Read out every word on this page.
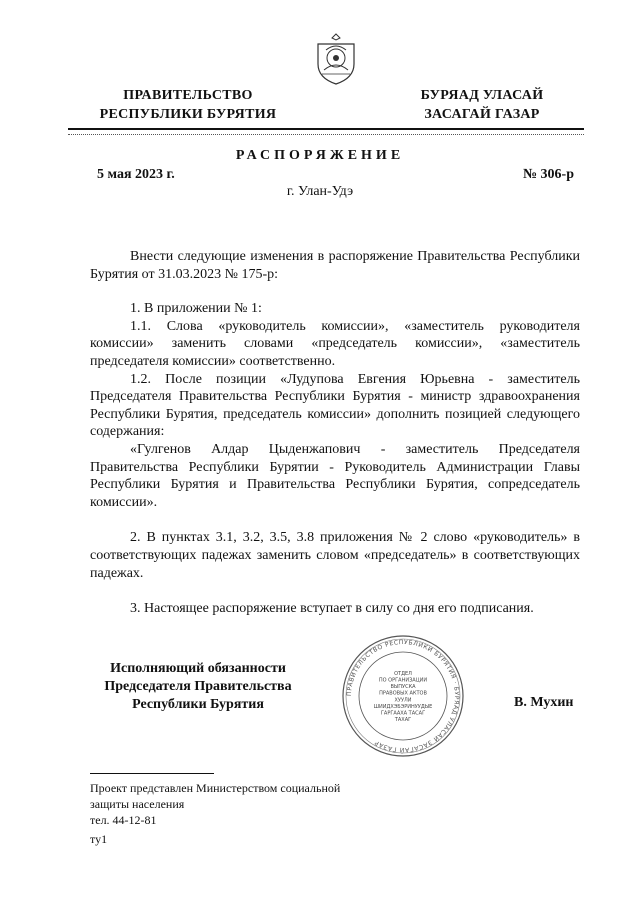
ПРАВИТЕЛЬСТВО
РЕСПУБЛИКИ БУРЯТИЯ
БУРЯАД УЛАСАЙ
ЗАСАГАЙ ГАЗАР
РАСПОРЯЖЕНИЕ
5 мая 2023 г.	№ 306-р
г. Улан-Удэ

Внести следующие изменения в распоряжение Правительства Республики Бурятия от 31.03.2023 № 175-р:

1. В приложении № 1:

1.1. Слова «руководитель комиссии», «заместитель руководителя комиссии» заменить словами «председатель комиссии», «заместитель председателя комиссии» соответственно.

1.2. После позиции «Лудупова Евгения Юрьевна - заместитель Председателя Правительства Республики Бурятия - министр здравоохранения Республики Бурятия, председатель комиссии» дополнить позицией следующего содержания:

«Гулгенов Алдар Цыденжапович - заместитель Председателя Правительства Республики Бурятии - Руководитель Администрации Главы Республики Бурятия и Правительства Республики Бурятия, сопредседатель комиссии».

2. В пунктах 3.1, 3.2, 3.5, 3.8 приложения № 2 слово «руководитель» в соответствующих падежах заменить словом «председатель» в соответствующих падежах.

3. Настоящее распоряжение вступает в силу со дня его подписания.

Исполняющий обязанности
Председателя Правительства
Республики Бурятия
ПРАВИТЕЛЬСТВО РЕСПУБЛИКИ БУРЯТИЯ · БУРЯАД УЛАСАЙ ЗАСАГАЙ ГАЗАР
ОТДЕЛ
ПО ОРГАНИЗАЦИИ
ВЫПУСКА
ПРАВОВЫХ АКТОВ
ХУУЛИ
ШИИДХЭБЭРИНУУДЫЕ
ГАРГААХА ТАСАГ
ТАХАГ
В. Мухин
Проект представлен Министерством социальной
защиты населения
тел. 44-12-81
ту1
